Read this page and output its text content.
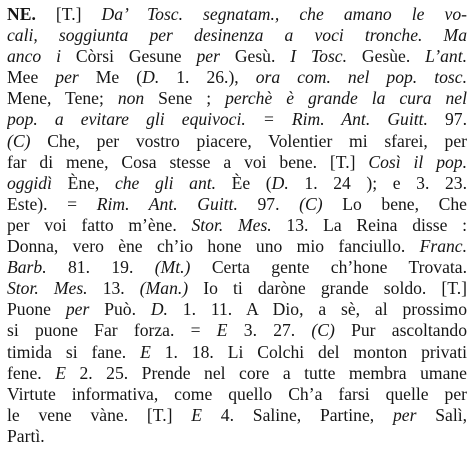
NE. [T.] Da’ Tosc. segnatam., che amano le vo-
cali, soggiunta per desinenza a voci tronche. Ma
anco i Còrsi Gesune per Gesù. I Tosc. Gesùe. L’ant.
Mee per Me (D. 1. 26.), ora com. nel pop. tosc.
Mene, Tene; non Sene ; perchè è grande la cura nel
pop. a evitare gli equivoci. = Rim. Ant. Guitt. 97.
(C) Che, per vostro piacere, Volentier mi sfarei, per
far di mene, Cosa stesse a voi bene. [T.] Così il pop.
oggidì Ène, che gli ant. Ѐe (D. 1. 24 ); e 3. 23.
Este). = Rim. Ant. Guitt. 97. (C) Lo bene, Che
per voi fatto m’ène. Stor. Mes. 13. La Reina disse :
Donna, vero ène ch’io hone uno mio fanciullo. Franc.
Barb. 81. 19. (Mt.) Certa gente ch’hone Trovata.
Stor. Mes. 13. (Man.) Io ti daròne grande soldo. [T.]
Puone per Può. D. 1. 11. A Dio, a sè, al prossimo
si puone Far forza. = E 3. 27. (C) Pur ascoltando
timida si fane. E 1. 18. Li Colchi del monton privati
fene. E 2. 25. Prende nel core a tutte membra umane
Virtute informativa, come quello Ch’a farsi quelle per
le vene vàne. [T.] E 4. Saline, Partine, per Salì,
Partì.
